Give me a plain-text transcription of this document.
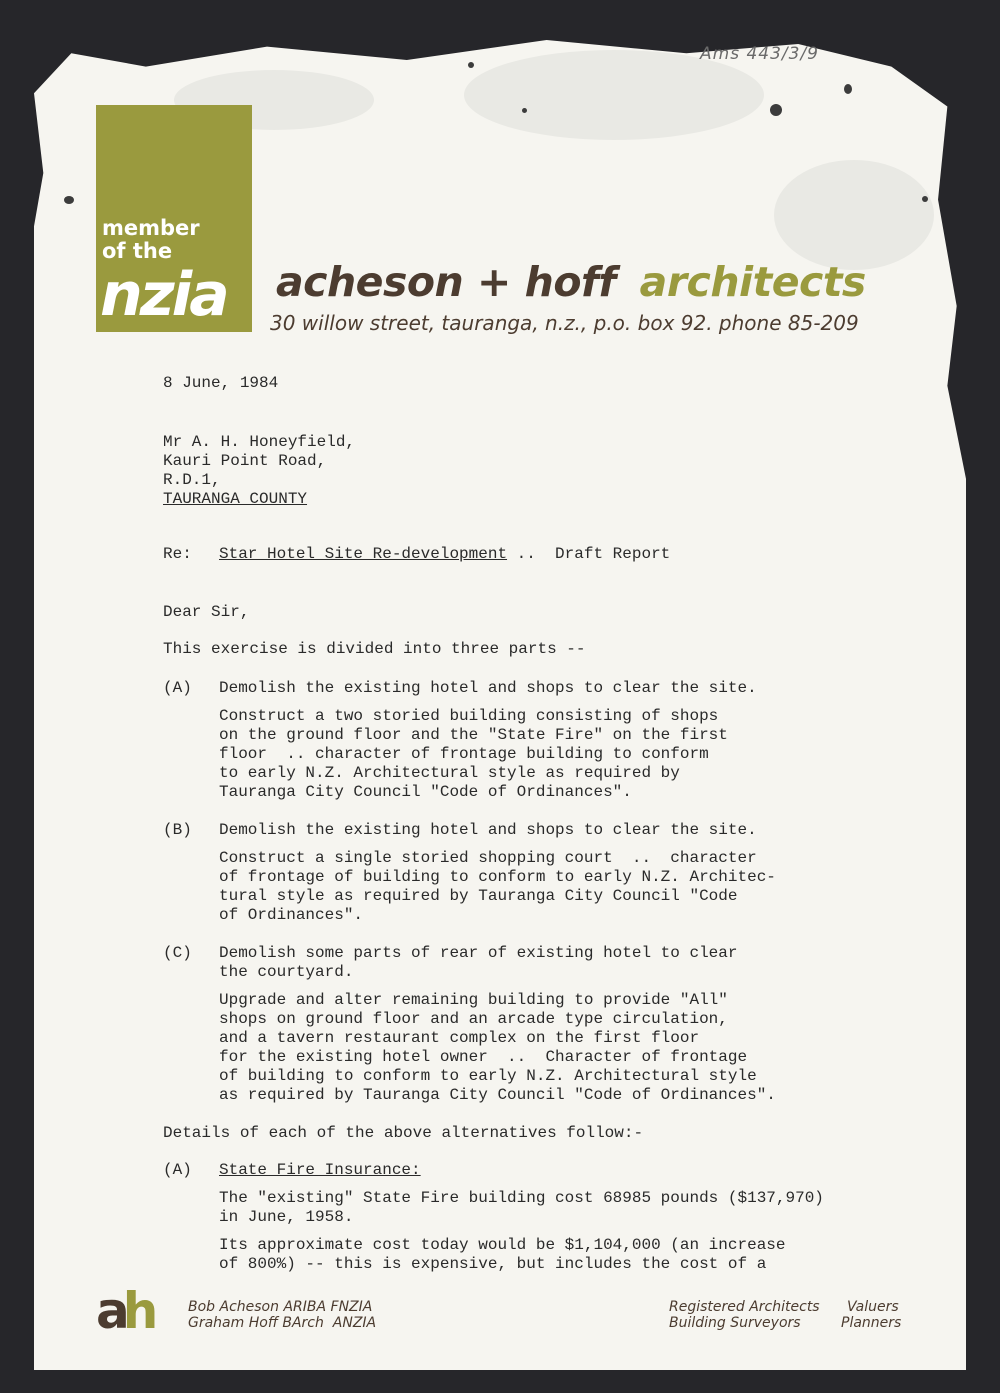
Ams 443/3/9
member
of the
nzia acheson + hoff architects
30 willow street, tauranga, n.z., p.o. box 92. phone 85-209
8 June, 1984
Mr A. H. Honeyfield,
Kauri Point Road,
R.D.1,
TAURANGA COUNTY
Re: Star Hotel Site Re-development ..  Draft Report
Dear Sir,
This exercise is divided into three parts --
(A) Demolish the existing hotel and shops to clear the site.
Construct a two storied building consisting of shops
on the ground floor and the "State Fire" on the first
floor  .. character of frontage building to conform
to early N.Z. Architectural style as required by
Tauranga City Council "Code of Ordinances".
(B) Demolish the existing hotel and shops to clear the site.
Construct a single storied shopping court  ..  character
of frontage of building to conform to early N.Z. Architec-
tural style as required by Tauranga City Council "Code
of Ordinances".
(C) Demolish some parts of rear of existing hotel to clear
the courtyard.
Upgrade and alter remaining building to provide "All"
shops on ground floor and an arcade type circulation,
and a tavern restaurant complex on the first floor
for the existing hotel owner  ..  Character of frontage
of building to conform to early N.Z. Architectural style
as required by Tauranga City Council "Code of Ordinances".
Details of each of the above alternatives follow:-
(A) State Fire Insurance:
The "existing" State Fire building cost 68985 pounds ($137,970)
in June, 1958.
Its approximate cost today would be $1,104,000 (an increase
of 800%) -- this is expensive, but includes the cost of a
ah	Bob Acheson ARIBA FNZIA
Graham Hoff BArch  ANZIA
Registered Architects
Building Surveyors
Valuers
Planners
